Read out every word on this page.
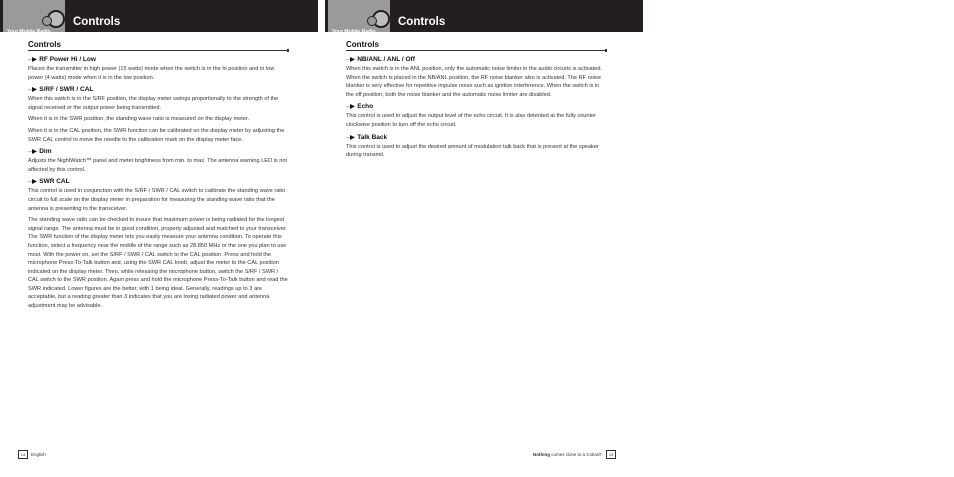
Your Mobile Radio
Controls
Controls
- - ▶ RF Power Hi / Low

Places the transmitter in high power (15 watts) mode when the switch is in the hi position and in low power (4 watts) mode when it is in the low position.

- - ▶ S/RF / SWR / CAL

When this switch is in the S/RF position, the display meter swings proportionally to the strength of the signal received or the output power being transmitted.

When it is in the SWR position, the standing wave ratio is measured on the display meter.

When it is in the CAL position, the SWR function can be calibrated on the display meter by adjusting the SWR CAL control to move the needle to the calibration mark on the display meter face.

- - ▶ Dim

Adjusts the NightWatch™ panel and meter brightness from min. to max. The antenna warning LED is not affected by this control.

- - ▶ SWR CAL

This control is used in conjunction with the S/RF / SWR / CAL switch to calibrate the standing wave ratio circuit to full scale on the display meter in preparation for measuring the standing wave ratio that the antenna is presenting to the transceiver.

The standing wave ratio can be checked to insure that maximum power is being radiated for the longest signal range. The antenna must be in good condition, properly adjusted and matched to your transceiver. The SWR function of the display meter lets you easily measure your antenna condition. To operate this function, select a frequency near the middle of the range such as 28.850 MHz or the one you plan to use most. With the power on, set the S/RF / SWR / CAL switch to the CAL position. Press and hold the microphone Press-To-Talk button and, using the SWR CAL knob, adjust the meter to the CAL position indicated on the display meter. Then, while releasing the microphone button, switch the S/RF / SWR / CAL switch to the SWR position. Again press and hold the microphone Press-To-Talk button and read the SWR indicated. Lower figures are the better, with 1 being ideal. Generally, readings up to 3 are acceptable, but a reading greater than 3 indicates that you are losing radiated power and antenna adjustment may be advisable.

14 English
Your Mobile Radio
Controls
Controls
- - ▶ NB/ANL / ANL / Off

When this switch is in the ANL position, only the automatic noise limiter in the audio circuits is activated. When the switch is placed in the NB/ANL position, the RF noise blanker also is activated. The RF noise blanker is very effective for repetitive impulse noise such as ignition interference. When the switch is in the off position, both the noise blanker and the automatic noise limiter are disabled.

- - ▶ Echo

This control is used to adjust the output level of the echo circuit. It is also detented at the fully counter clockwise position to turn off the echo circuit.

- - ▶ Talk Back

This control is used to adjust the desired amount of modulation talk back that is present at the speaker during transmit.

Nothing comes close to a Cobra® 15
